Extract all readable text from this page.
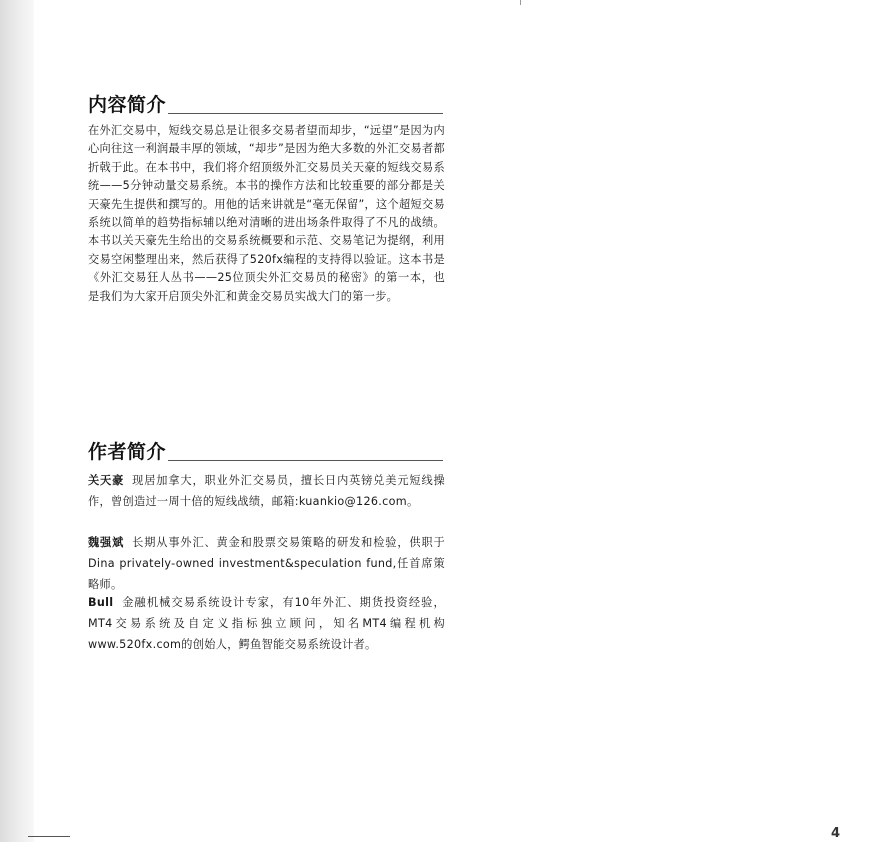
内容简介

在外汇交易中，短线交易总是让很多交易者望而却步，“远望”是因为内心向往这一利润最丰厚的领域，“却步”是因为绝大多数的外汇交易者都折戟于此。在本书中，我们将介绍顶级外汇交易员关天豪的短线交易系统——5分钟动量交易系统。本书的操作方法和比较重要的部分都是关天豪先生提供和撰写的。用他的话来讲就是“毫无保留”，这个超短交易系统以简单的趋势指标辅以绝对清晰的进出场条件取得了不凡的战绩。本书以关天豪先生给出的交易系统概要和示范、交易笔记为提纲，利用交易空闲整理出来，然后获得了520fx编程的支持得以验证。这本书是《外汇交易狂人丛书——25位顶尖外汇交易员的秘密》的第一本，也是我们为大家开启顶尖外汇和黄金交易员实战大门的第一步。

作者简介

关天豪 现居加拿大，职业外汇交易员，擅长日内英镑兑美元短线操作，曾创造过一周十倍的短线战绩，邮箱:kuankio@126.com。

魏强斌 长期从事外汇、黄金和股票交易策略的研发和检验，供职于Dina privately-owned investment&speculation fund,任首席策略师。

Bull 金融机械交易系统设计专家，有10年外汇、期货投资经验，MT4交易系统及自定义指标独立顾问，知名MT4编程机构www.520fx.com的创始人，鳄鱼智能交易系统设计者。

4
